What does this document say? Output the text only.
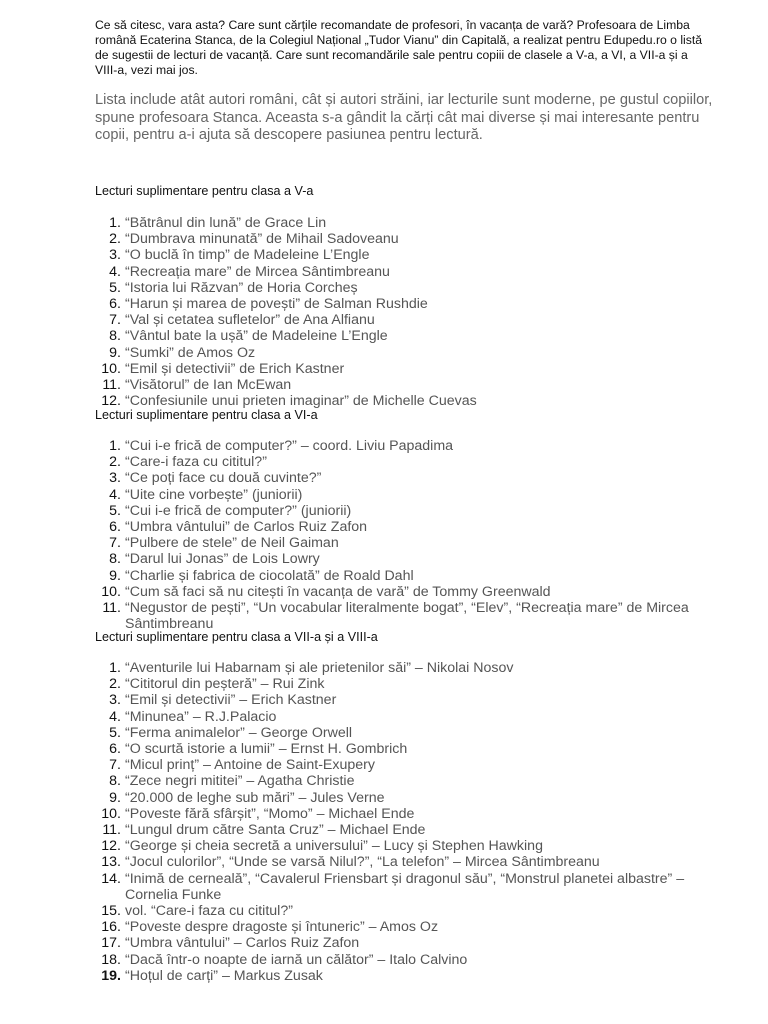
Ce să citesc, vara asta? Care sunt cărțile recomandate de profesori, în vacanța de vară? Profesoara de Limba română Ecaterina Stanca, de la Colegiul Național „Tudor Vianu” din Capitală, a realizat pentru Edupedu.ro o listă de sugestii de lecturi de vacanță. Care sunt recomandările sale pentru copiii de clasele a V-a, a VI, a VII-a și a VIII-a, vezi mai jos.

Lista include atât autori români, cât și autori străini, iar lecturile sunt moderne, pe gustul copiilor, spune profesoara Stanca. Aceasta s-a gândit la cărți cât mai diverse și mai interesante pentru copii, pentru a-i ajuta să descopere pasiunea pentru lectură.

Lecturi suplimentare pentru clasa a V-a
1. “Bătrânul din lună” de Grace Lin
2. “Dumbrava minunată” de Mihail Sadoveanu
3. “O buclă în timp” de Madeleine L’Engle
4. “Recreația mare” de Mircea Sântimbreanu
5. “Istoria lui Răzvan” de Horia Corcheș
6. “Harun și marea de povești” de Salman Rushdie
7. “Val și cetatea sufletelor” de Ana Alfianu
8. “Vântul bate la ușă” de Madeleine L’Engle
9. “Sumki” de Amos Oz
10. “Emil și detectivii” de Erich Kastner
11. “Visătorul” de Ian McEwan
12. “Confesiunile unui prieten imaginar” de Michelle Cuevas
Lecturi suplimentare pentru clasa a VI-a
1. “Cui i-e frică de computer?” – coord. Liviu Papadima
2. “Care-i faza cu cititul?”
3. “Ce poți face cu două cuvinte?”
4. “Uite cine vorbește” (juniorii)
5. “Cui i-e frică de computer?” (juniorii)
6. “Umbra vântului” de Carlos Ruiz Zafon
7. “Pulbere de stele” de Neil Gaiman
8. “Darul lui Jonas” de Lois Lowry
9. “Charlie și fabrica de ciocolată” de Roald Dahl
10. “Cum să faci să nu citești în vacanța de vară” de Tommy Greenwald
11. “Negustor de pești”, “Un vocabular literalmente bogat”, “Elev”, “Recreația mare” de Mircea Sântimbreanu
Lecturi suplimentare pentru clasa a VII-a și a VIII-a
1. “Aventurile lui Habarnam și ale prietenilor săi” – Nikolai Nosov
2. “Cititorul din peșteră” – Rui Zink
3. “Emil și detectivii” – Erich Kastner
4. “Minunea” – R.J.Palacio
5. “Ferma animalelor” – George Orwell
6. “O scurtă istorie a lumii” – Ernst H. Gombrich
7. “Micul prinț” – Antoine de Saint-Exupery
8. “Zece negri mititei” – Agatha Christie
9. “20.000 de leghe sub mări” – Jules Verne
10. “Poveste fără sfârșit”, “Momo” – Michael Ende
11. “Lungul drum către Santa Cruz” – Michael Ende
12. “George și cheia secretă a universului” – Lucy și Stephen Hawking
13. “Jocul culorilor”, “Unde se varsă Nilul?”, “La telefon” – Mircea Sântimbreanu
14. “Inimă de cerneală”, “Cavalerul Friensbart și dragonul său”, “Monstrul planetei albastre” – Cornelia Funke
15. vol. “Care-i faza cu cititul?”
16. “Poveste despre dragoste și întuneric” – Amos Oz
17. “Umbra vântului” – Carlos Ruiz Zafon
18. “Dacă într-o noapte de iarnă un călător” – Italo Calvino
19. “Hoțul de carți” – Markus Zusak
